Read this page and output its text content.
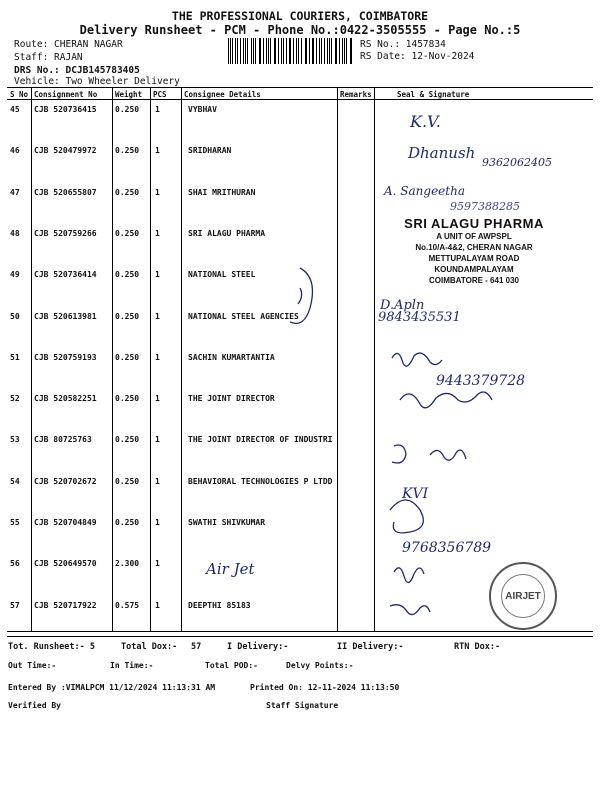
THE PROFESSIONAL COURIERS, COIMBATORE
Delivery Runsheet - PCM - Phone No.:0422-3505555 - Page No.:5
Route: CHERAN NAGAR
Staff: RAJAN
DRS No.: DCJB145783405
Vehicle: Two Wheeler Delivery
RS No.: 1457834
RS Date: 12-Nov-2024
S No Consignment No Weight PCS Consignee Details	Remarks	Seal & Signature
45 CJB 520736415 0.250 1	VYBHAV
46 CJB 520479972 0.250 1	SRIDHARAN
47 CJB 520655807 0.250 1	SHAI MRITHURAN
48 CJB 520759266 0.250 1	SRI ALAGU PHARMA
49 CJB 520736414 0.250 1	NATIONAL STEEL
50 CJB 520613981 0.250 1	NATIONAL STEEL AGENCIES
51 CJB 520759193 0.250 1	SACHIN KUMARTANTIA
52 CJB 520582251 0.250 1	THE JOINT DIRECTOR
53 CJB 80725763	0.250 1	THE JOINT DIRECTOR OF INDUSTRI
54 CJB 520702672 0.250 1	BEHAVIORAL TECHNOLOGIES P LTDD
55 CJB 520704849 0.250 1	SWATHI SHIVKUMAR
56 CJB 520649570 2.300 1
57 CJB 520717922 0.575 1	DEEPTHI 85183
K.V.
Dhanush
9362062405
A. Sangeetha
9597388285
D.Apln
9843435531
9443379728
KVI
9768356789
Air Jet
SRI ALAGU PHARMA
A UNIT OF AWPSPL
No.10/A-4&2, CHERAN NAGAR
METTUPALAYAM ROAD
KOUNDAMPALAYAM
COIMBATORE - 641 030
AIRJET
Tot. Runsheet:- 5	Total Dox:- 57	I Delivery:-	II Delivery:-	RTN Dox:-
Out Time:-	In Time:-	Total POD:-	Delvy Points:-
Entered By :VIMALPCM 11/12/2024 11:13:31 AM	Printed On: 12-11-2024 11:13:50
Verified By	Staff Signature
